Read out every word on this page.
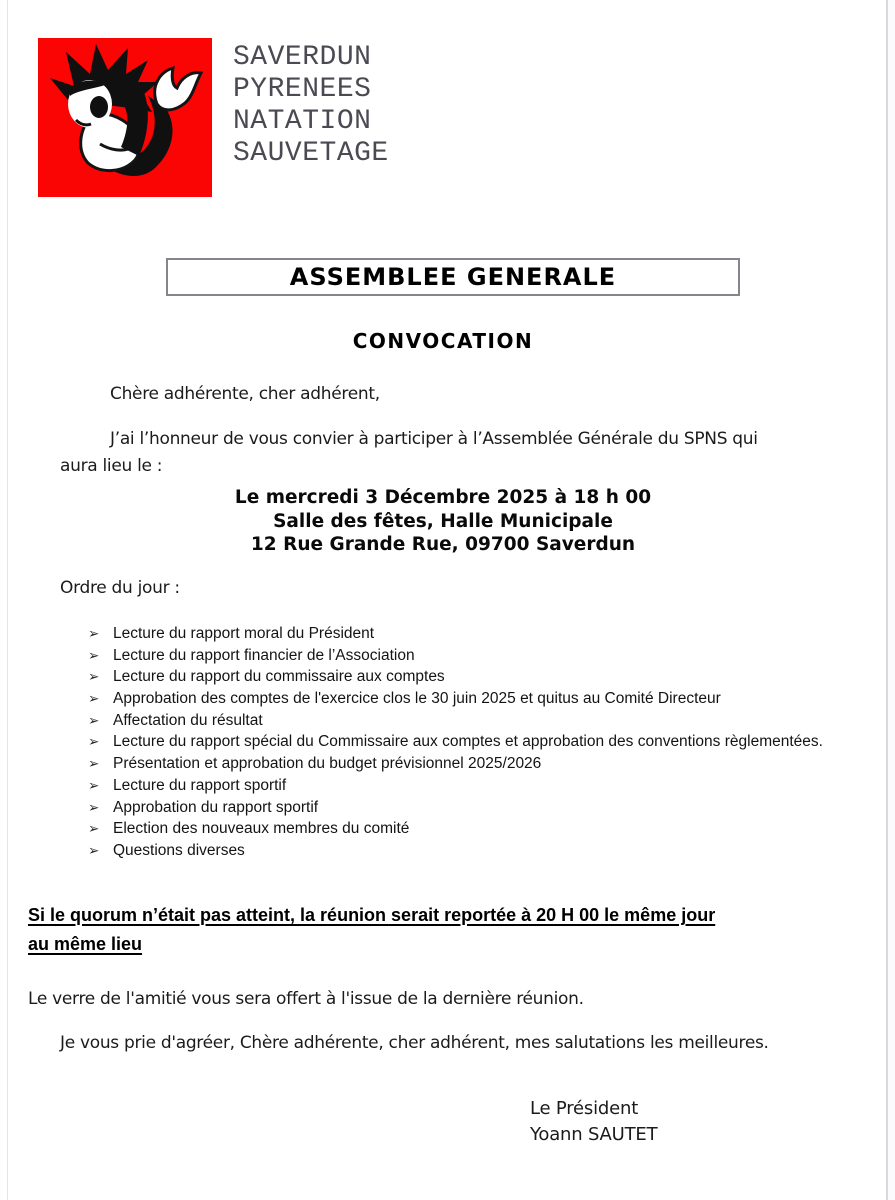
SAVERDUN
PYRENEES
NATATION
SAUVETAGE
ASSEMBLEE GENERALE
CONVOCATION
Chère adhérente, cher adhérent,
J’ai l’honneur de vous convier à participer à l’Assemblée Générale du SPNS qui
aura lieu le :
Le mercredi 3 Décembre 2025 à 18 h 00
Salle des fêtes, Halle Municipale
12 Rue Grande Rue, 09700 Saverdun
Ordre du jour :
➢ Lecture du rapport moral du Président
➢ Lecture du rapport financier de l’Association
➢ Lecture du rapport du commissaire aux comptes
➢ Approbation des comptes de l'exercice clos le 30 juin 2025 et quitus au Comité Directeur
➢ Affectation du résultat
➢ Lecture du rapport spécial du Commissaire aux comptes et approbation des conventions règlementées.
➢ Présentation et approbation du budget prévisionnel 2025/2026
➢ Lecture du rapport sportif
➢ Approbation du rapport sportif
➢ Election des nouveaux membres du comité
➢ Questions diverses
Si le quorum n’était pas atteint, la réunion serait reportée à 20 H 00 le même jour
au même lieu
Le verre de l'amitié vous sera offert à l'issue de la dernière réunion.
Je vous prie d'agréer, Chère adhérente, cher adhérent, mes salutations les meilleures.
Le Président
Yoann SAUTET
